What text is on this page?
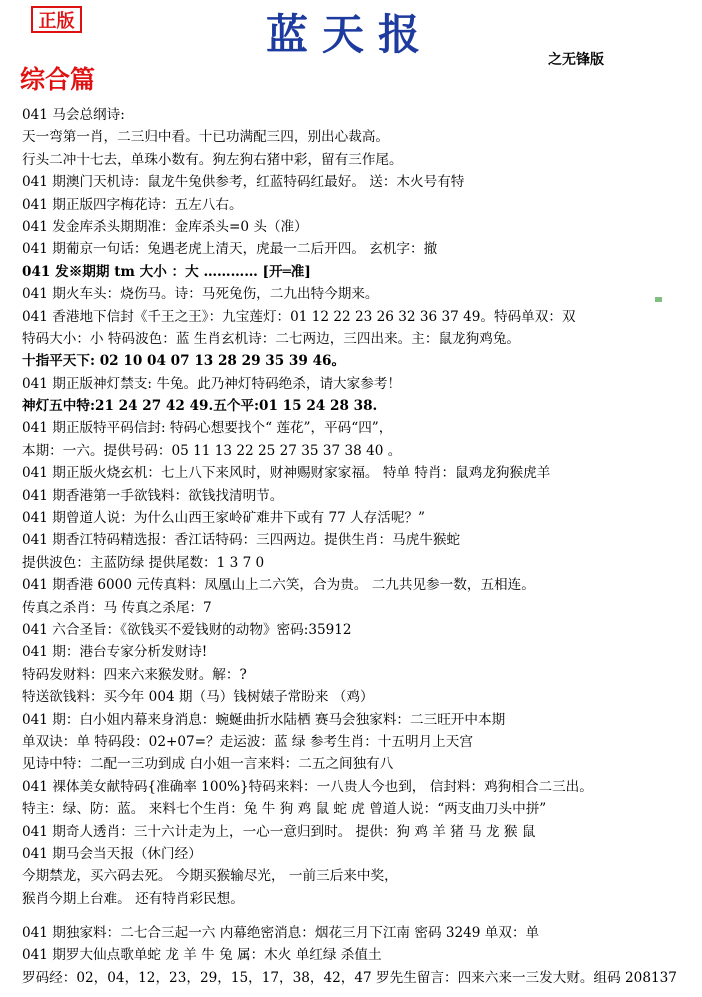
正版	蓝天报
之无锋版
综合篇
041 马会总纲诗:
天一弯第一肖，二三归中看。十已功满配三四，别出心裁高。
行头二冲十七去，单珠小数有。狗左狗右猪中彩，留有三作尾。
041 期澳门天机诗：鼠龙牛兔供参考，红蓝特码红最好。 送：木火号有特
041 期正版四字梅花诗：五左八右。
041 发金库杀头期期准：金库杀头=0 头（准）
041 期葡京一句话：兔遇老虎上清天，虎最一二后开四。 玄机字：撤
041 发※期期 tm 大小 ：大 ………… [开═准]
041 期火车头：烧伤马。诗：马死兔伤，二九出特今期来。
041 香港地下信封《千王之王》：九宝莲灯：01 12 22 23 26 32 36 37 49。特码单双：双
特码大小：小 特码波色：蓝 生肖玄机诗：二七两边，三四出来。主：鼠龙狗鸡兔。
十指平天下: 02 10 04 07 13 28 29 35 39 46。
041 期正版神灯禁支: 牛兔。此乃神灯特码绝杀，请大家参考！
神灯五中特:21 24 27 42 49.五个平:01 15 24 28 38.
041 期正版特平码信封: 特码心想要找个“ 莲花”，平码“四”，
本期：一六。提供号码：05 11 13 22 25 27 35 37 38 40 。
041 期正版火烧玄机：七上八下来风时，财神赐财家家福。 特单 特肖：鼠鸡龙狗猴虎羊
041 期香港第一手欲钱料：欲钱找清明节。
041 期曾道人说：为什么山西王家岭矿难井下或有 77 人存活呢？”
041 期香江特码精选报：香江话特码：三四两边。提供生肖：马虎牛猴蛇
提供波色：主蓝防绿 提供尾数：1 3 7 0
041 期香港 6000 元传真料：凤凰山上二六笑，合为贵。 二九共见参一数，五相连。
传真之杀肖：马 传真之杀尾：7
041 六合圣旨：《欲钱买不爱钱财的动物》密码:35912
041 期：港台专家分析发财诗!
特码发财料：四来六来猴发财。解：?
特送欲钱料：买今年 004 期（马）钱树婊子常盼来 （鸡）
041 期：白小姐内幕来身消息：蜿蜒曲折水陆栖 赛马会独家料：二三旺开中本期
单双诀：单 特码段：02+07=？走运波：蓝 绿 参考生肖：十五明月上天宫
见诗中特：二配一三功到成 白小姐一言来料：二五之间独有八
041 裸体美女献特码{准确率 100%}特码来料：一八贵人今也到， 信封料：鸡狗相合二三出。
特主：绿、防：蓝。 来料七个生肖：兔 牛 狗 鸡 鼠 蛇 虎 曾道人说：“两支曲刀头中拼”
041 期奇人透肖：三十六计走为上，一心一意归到时。 提供：狗 鸡 羊 猪 马 龙 猴 鼠
041 期马会当天报（休门经）
今期禁龙，买六码去死。 今期买猴输尽光， 一前三后来中奖，
猴肖今期上台难。 还有特肖彩民想。
041 期独家料：二七合三起一六 内幕绝密消息：烟花三月下江南 密码 3249 单双：单
041 期罗大仙点歌单蛇 龙 羊 牛 兔 属：木火 单红绿 杀值土
罗码经：02，04，12，23，29，15，17，38，42，47 罗先生留言：四来六来一三发大财。组码 208137
